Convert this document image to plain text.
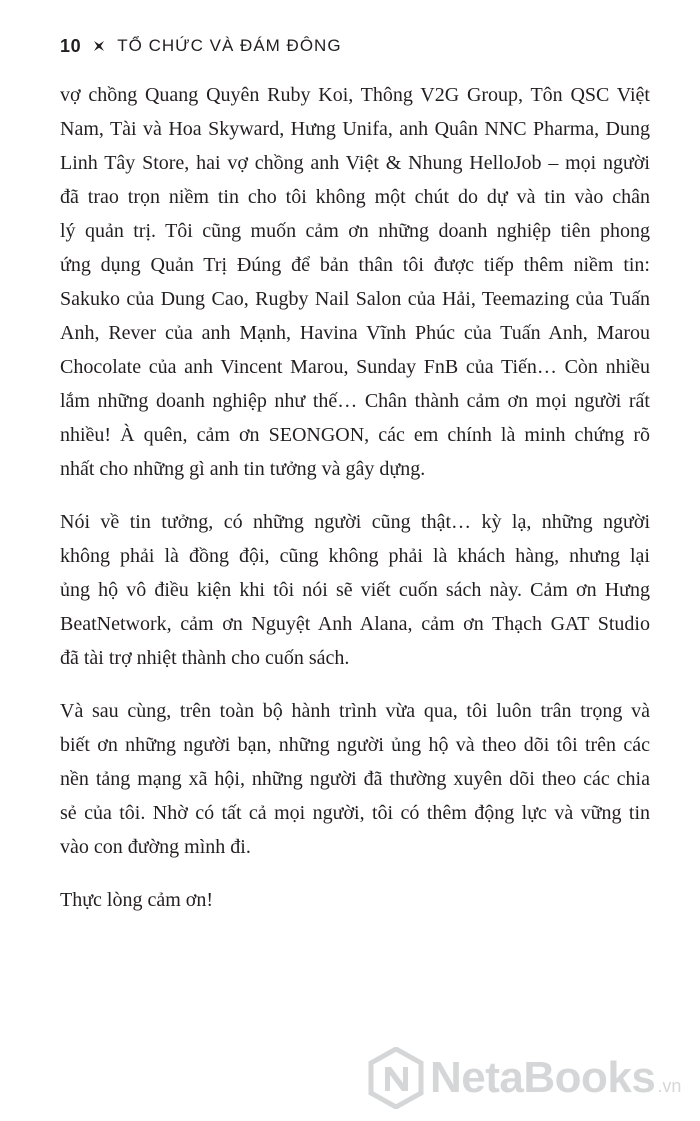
10 TỔ CHỨC VÀ ĐÁM ĐÔNG

vợ chồng Quang Quyên Ruby Koi, Thông V2G Group, Tôn QSC Việt
Nam, Tài và Hoa Skyward, Hưng Unifa, anh Quân NNC Pharma, Dung
Linh Tây Store, hai vợ chồng anh Việt & Nhung HelloJob – mọi người
đã trao trọn niềm tin cho tôi không một chút do dự và tin vào chân
lý quản trị. Tôi cũng muốn cảm ơn những doanh nghiệp tiên phong
ứng dụng Quản Trị Đúng để bản thân tôi được tiếp thêm niềm tin:
Sakuko của Dung Cao, Rugby Nail Salon của Hải, Teemazing của Tuấn
Anh, Rever của anh Mạnh, Havina Vĩnh Phúc của Tuấn Anh, Marou
Chocolate của anh Vincent Marou, Sunday FnB của Tiến… Còn nhiều
lắm những doanh nghiệp như thế… Chân thành cảm ơn mọi người rất
nhiều! À quên, cảm ơn SEONGON, các em chính là minh chứng rõ
nhất cho những gì anh tin tưởng và gây dựng.

Nói về tin tưởng, có những người cũng thật… kỳ lạ, những người
không phải là đồng đội, cũng không phải là khách hàng, nhưng lại
ủng hộ vô điều kiện khi tôi nói sẽ viết cuốn sách này. Cảm ơn Hưng
BeatNetwork, cảm ơn Nguyệt Anh Alana, cảm ơn Thạch GAT Studio
đã tài trợ nhiệt thành cho cuốn sách.

Và sau cùng, trên toàn bộ hành trình vừa qua, tôi luôn trân trọng và
biết ơn những người bạn, những người ủng hộ và theo dõi tôi trên các
nền tảng mạng xã hội, những người đã thường xuyên dõi theo các chia
sẻ của tôi. Nhờ có tất cả mọi người, tôi có thêm động lực và vững tin
vào con đường mình đi.

Thực lòng cảm ơn!

NetaBooks .vn
